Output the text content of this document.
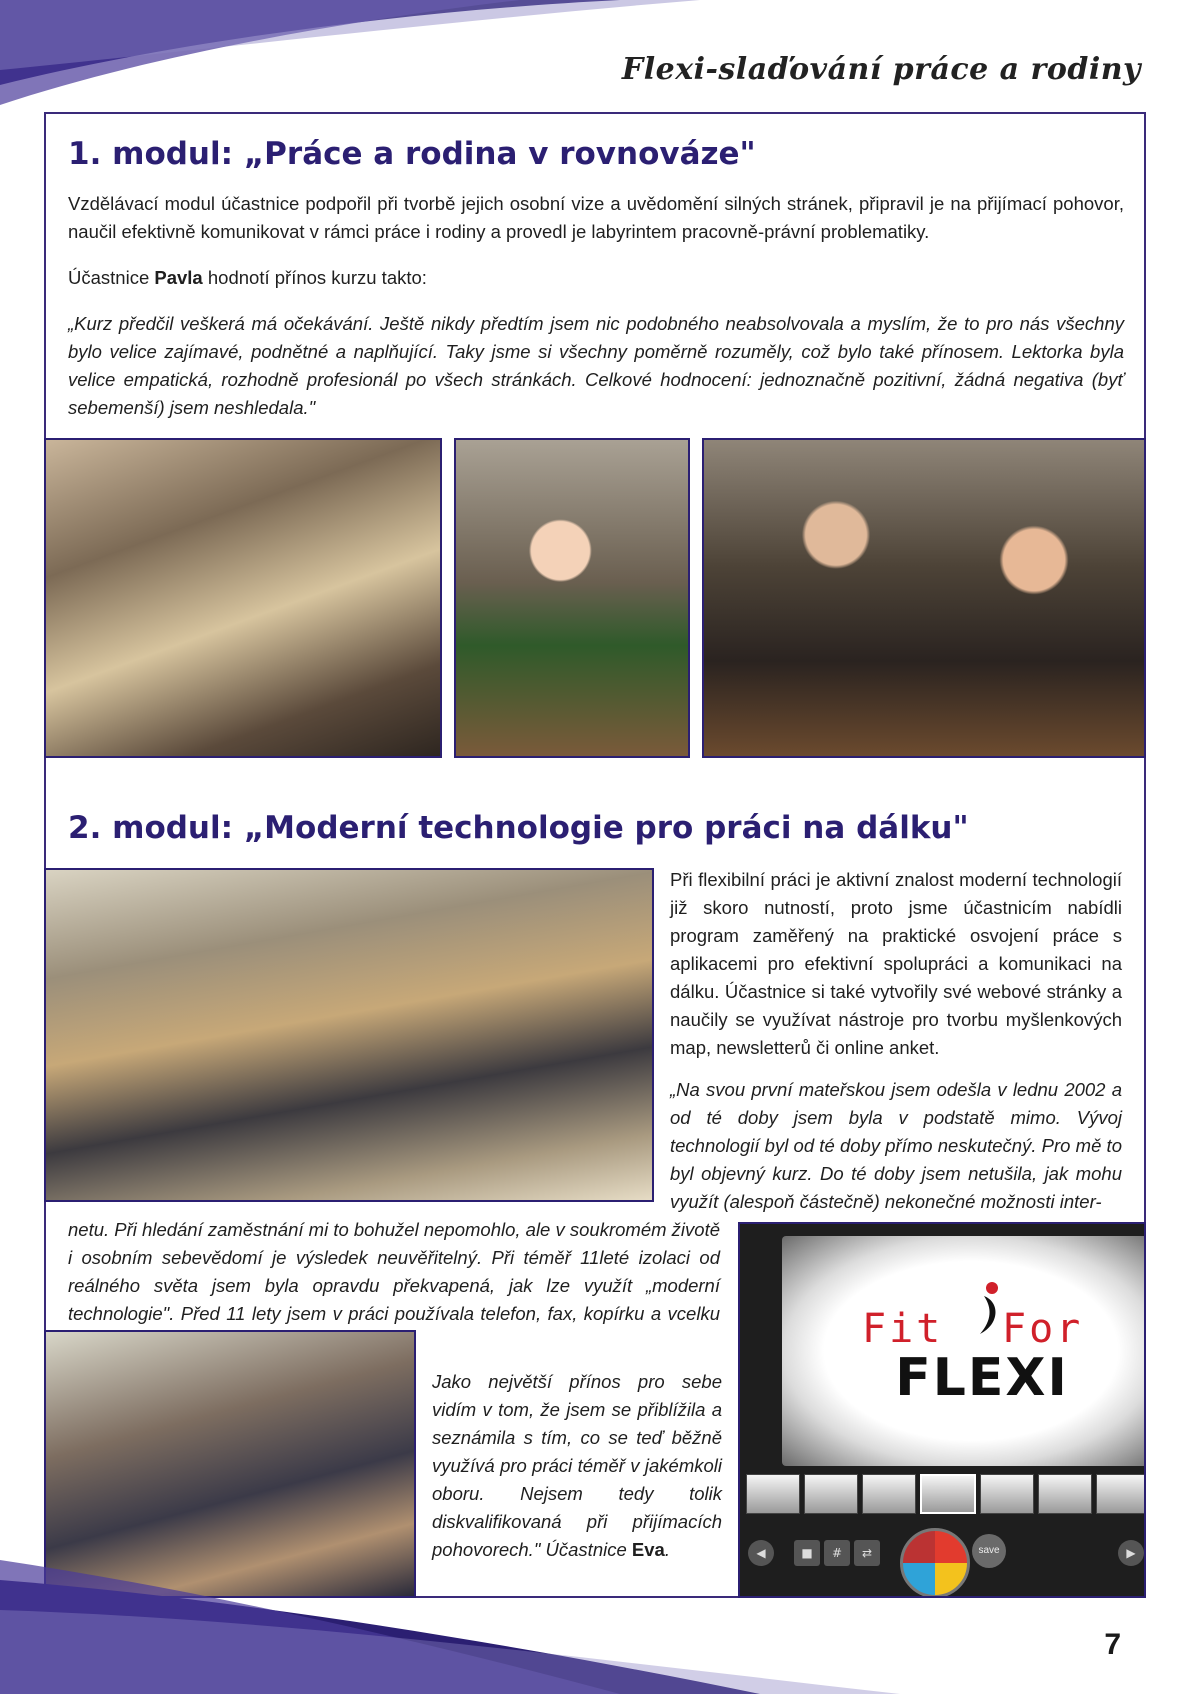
Flexi-slaďování práce a rodiny
1. modul: „Práce a rodina v rovnováze"

Vzdělávací modul účastnice podpořil při tvorbě jejich osobní vize a uvědomění silných stránek, připravil je na přijímací pohovor, naučil efektivně komunikovat v rámci práce i rodiny a provedl je labyrintem pracovně-právní problematiky.

Účastnice Pavla hodnotí přínos kurzu takto:

„Kurz předčil veškerá má očekávání. Ještě nikdy předtím jsem nic podobného neabsolvovala a myslím, že to pro nás všechny bylo velice zajímavé, podnětné a naplňující. Taky jsme si všechny poměrně rozuměly, což bylo také přínosem. Lektorka byla velice empatická, rozhodně profesionál po všech stránkách. Celkové hodnocení: jednoznačně pozitivní, žádná negativa (byť sebemenší) jsem neshledala."

2. modul: „Moderní technologie pro práci na dálku"

Při flexibilní práci je aktivní znalost moderní technologií již skoro nutností, proto jsme účastnicím nabídli program zaměřený na praktické osvojení práce s aplikacemi pro efektivní spolupráci a komunikaci na dálku. Účastnice si také vytvořily své webové stránky a naučily se využívat nástroje pro tvorbu myšlenkových map, newsletterů či online anket.

„Na svou první mateřskou jsem odešla v lednu 2002 a od té doby jsem byla v podstatě mimo. Vývoj technologií byl od té doby přímo neskutečný. Pro mě to byl objevný kurz. Do té doby jsem netušila, jak mohu využít (alespoň částečně) nekonečné možnosti inter-

netu. Při hledání zaměstnání mi to bohužel nepomohlo, ale v soukromém životě i osobním sebevědomí je výsledek neuvěřitelný. Při téměř 11leté izolaci od reálného světa jsem byla opravdu překvapená, jak lze využít „moderní technologie". Před 11 lety jsem v práci používala telefon, fax, kopírku a vcelku

Jako největší přínos pro sebe vidím v tom, že jsem se přiblížila a seznámila s tím, co se teď běžně využívá pro práci téměř v jakémkoli oboru. Nejsem tedy tolik diskvalifikovaná při přijímacích pohovorech." Účastnice Eva.

Fit For
FLEXI
◀	■	#	⇄	save	▶
7
